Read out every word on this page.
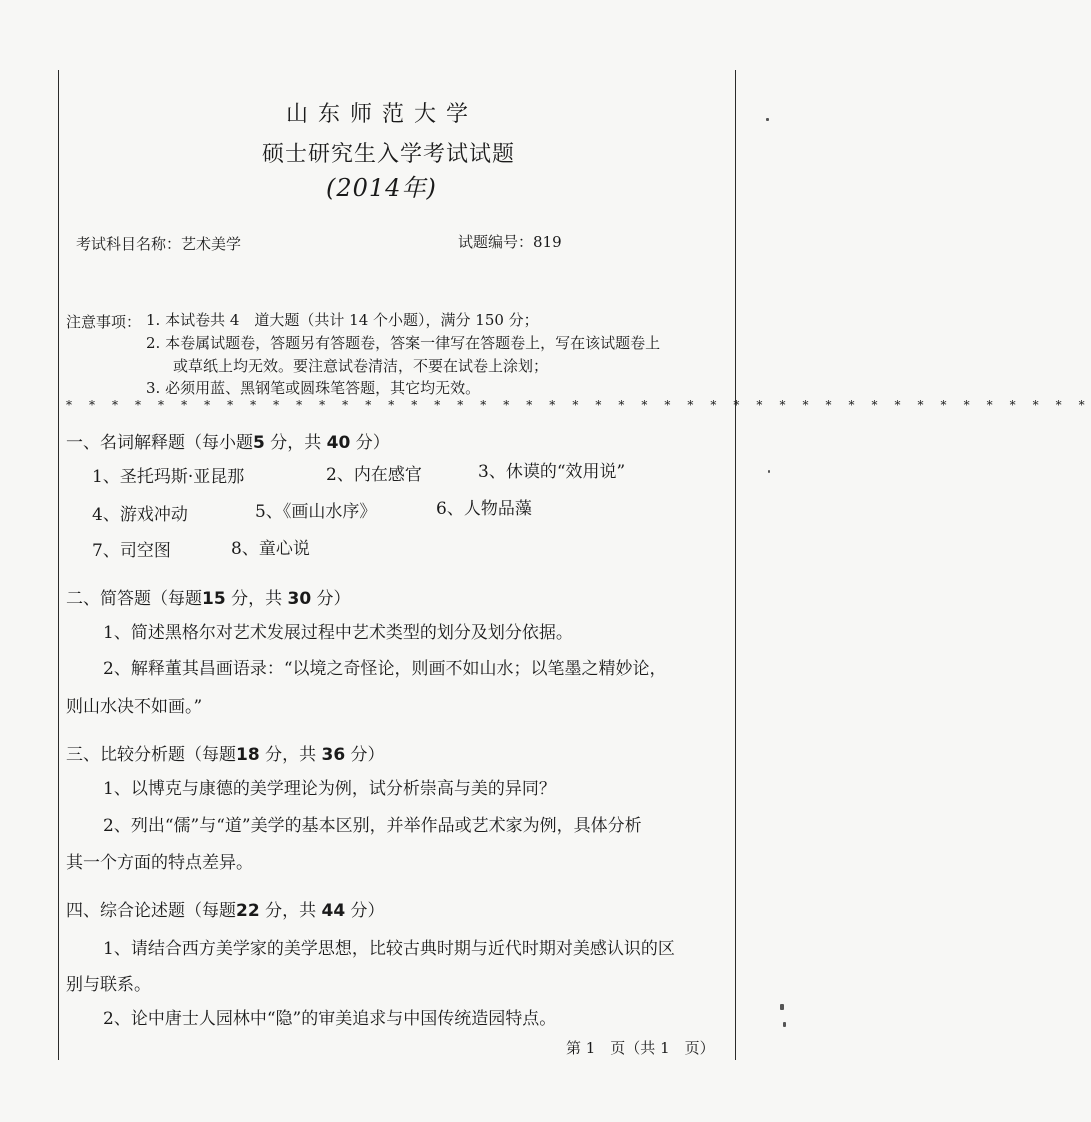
山东师范大学
硕士研究生入学考试试题
(2014年)
考试科目名称：艺术美学	试题编号：819
注意事项： 1. 本试卷共 4　道大题（共计 14 个小题），满分 150 分；
2. 本卷属试题卷，答题另有答题卷，答案一律写在答题卷上，写在该试题卷上
或草纸上均无效。要注意试卷清洁，不要在试卷上涂划；
3. 必须用蓝、黑钢笔或圆珠笔答题，其它均无效。
* * * * * * * * * * * * * * * * * * * * * * * * * * * * * * * * * * * * * * * * * * * * *
一、名词解释题（每小题5 分，共 40 分）
1、圣托玛斯·亚昆那	2、内在感官	3、休谟的“效用说”
4、游戏冲动	5、《画山水序》	6、人物品藻
7、司空图	8、童心说
二、简答题（每题15 分，共 30 分）
1、简述黑格尔对艺术发展过程中艺术类型的划分及划分依据。
2、解释董其昌画语录：“以境之奇怪论，则画不如山水；以笔墨之精妙论，
则山水决不如画。”
三、比较分析题（每题18 分，共 36 分）
1、以博克与康德的美学理论为例，试分析崇高与美的异同？
2、列出“儒”与“道”美学的基本区别，并举作品或艺术家为例，具体分析
其一个方面的特点差异。
四、综合论述题（每题22 分，共 44 分）
1、请结合西方美学家的美学思想，比较古典时期与近代时期对美感认识的区
别与联系。
2、论中唐士人园林中“隐”的审美追求与中国传统造园特点。
第 1　页（共 1　页）
